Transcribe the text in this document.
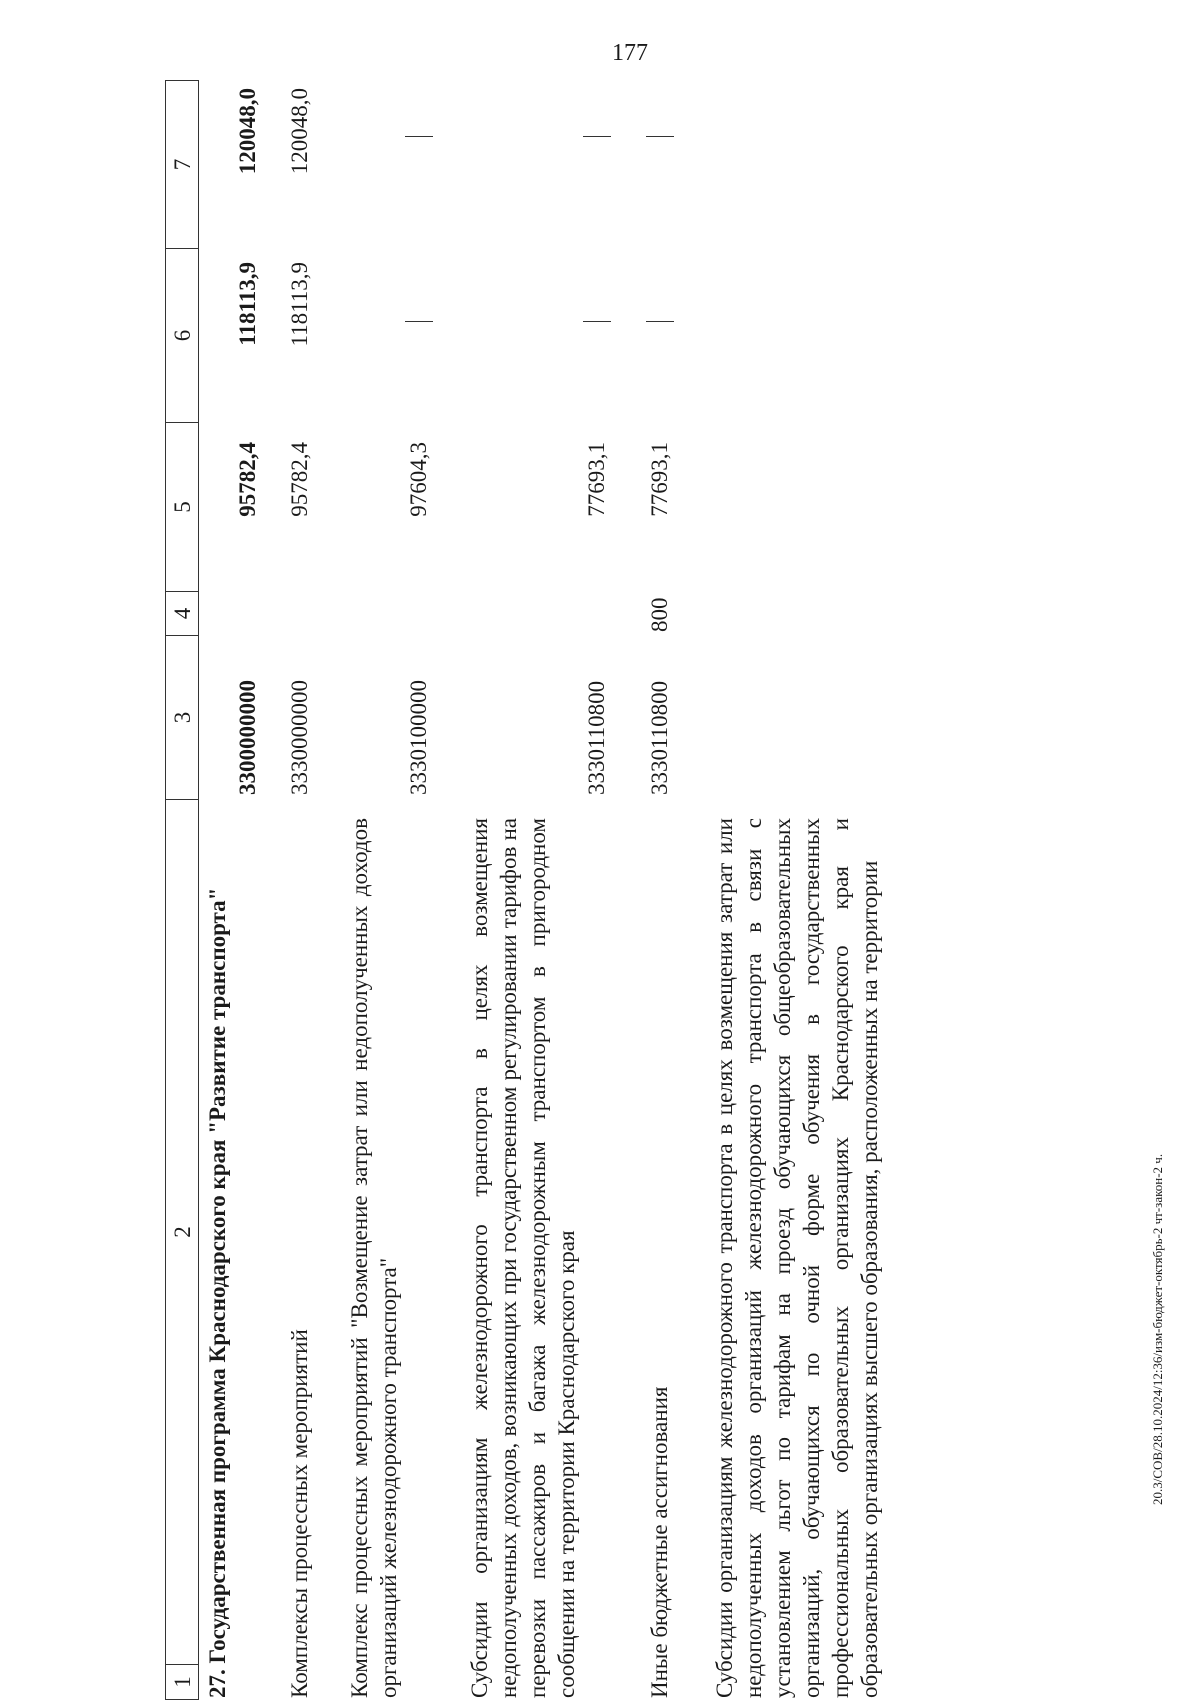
177
20.3/СОВ/28.10.2024/12:36/изм-бюджет-октябрь-2 чт-закон-2 ч.
1
2
3
4
5
6
7
27. Государственная программа Краснодарского края "Развитие транспорта"
3300000000
95782,4
118113,9
120048,0
Комплексы процессных мероприятий
3330000000
95782,4
118113,9
120048,0
Комплекс процессных мероприятий "Возмещение затрат или недополученных доходов организаций железнодорожного транспорта"
3330100000
97604,3
Субсидии организациям железнодорожного транспорта в целях возмещения недополученных доходов, возникающих при государственном регулировании тарифов на перевозки пассажиров и багажа железнодорожным транспортом в пригородном сообщении на территории Краснодарского края
3330110800
77693,1
Иные бюджетные ассигнования
3330110800
800
77693,1
Субсидии организациям железнодорожного транспорта в целях возмещения затрат или недополученных доходов организаций железнодорожного транспорта в связи с установлением льгот по тарифам на проезд обучающихся общеобразовательных организаций, обучающихся по очной форме обучения в государственных профессиональных образовательных организациях Краснодарского края и образовательных организациях высшего образования, расположенных на территории
